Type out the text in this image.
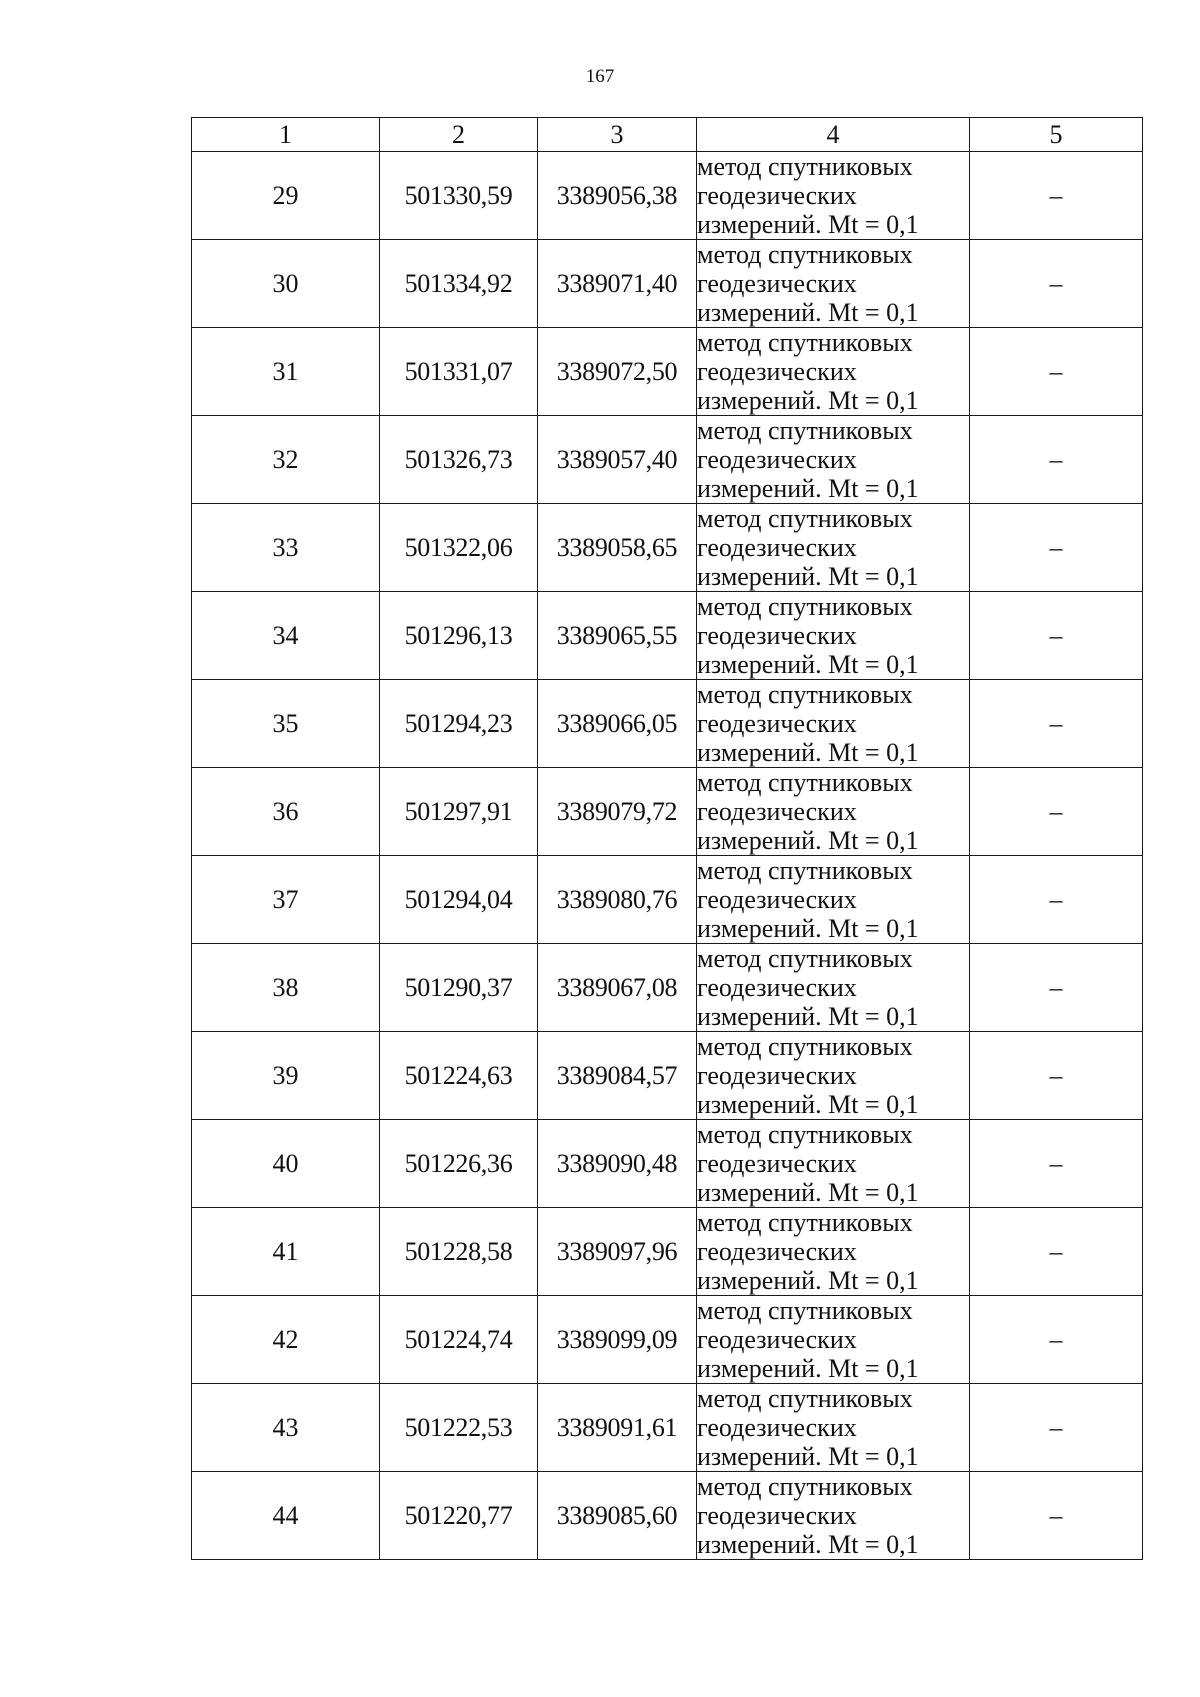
167
1	2	3	4	5
29	501330,59	3389056,38	метод спутниковых
геодезических
измерений. Mt = 0,1	–
30	501334,92	3389071,40	метод спутниковых
геодезических
измерений. Mt = 0,1	–
31	501331,07	3389072,50	метод спутниковых
геодезических
измерений. Mt = 0,1	–
32	501326,73	3389057,40	метод спутниковых
геодезических
измерений. Mt = 0,1	–
33	501322,06	3389058,65	метод спутниковых
геодезических
измерений. Mt = 0,1	–
34	501296,13	3389065,55	метод спутниковых
геодезических
измерений. Mt = 0,1	–
35	501294,23	3389066,05	метод спутниковых
геодезических
измерений. Mt = 0,1	–
36	501297,91	3389079,72	метод спутниковых
геодезических
измерений. Mt = 0,1	–
37	501294,04	3389080,76	метод спутниковых
геодезических
измерений. Mt = 0,1	–
38	501290,37	3389067,08	метод спутниковых
геодезических
измерений. Mt = 0,1	–
39	501224,63	3389084,57	метод спутниковых
геодезических
измерений. Mt = 0,1	–
40	501226,36	3389090,48	метод спутниковых
геодезических
измерений. Mt = 0,1	–
41	501228,58	3389097,96	метод спутниковых
геодезических
измерений. Mt = 0,1	–
42	501224,74	3389099,09	метод спутниковых
геодезических
измерений. Mt = 0,1	–
43	501222,53	3389091,61	метод спутниковых
геодезических
измерений. Mt = 0,1	–
44	501220,77	3389085,60	метод спутниковых
геодезических
измерений. Mt = 0,1	–
